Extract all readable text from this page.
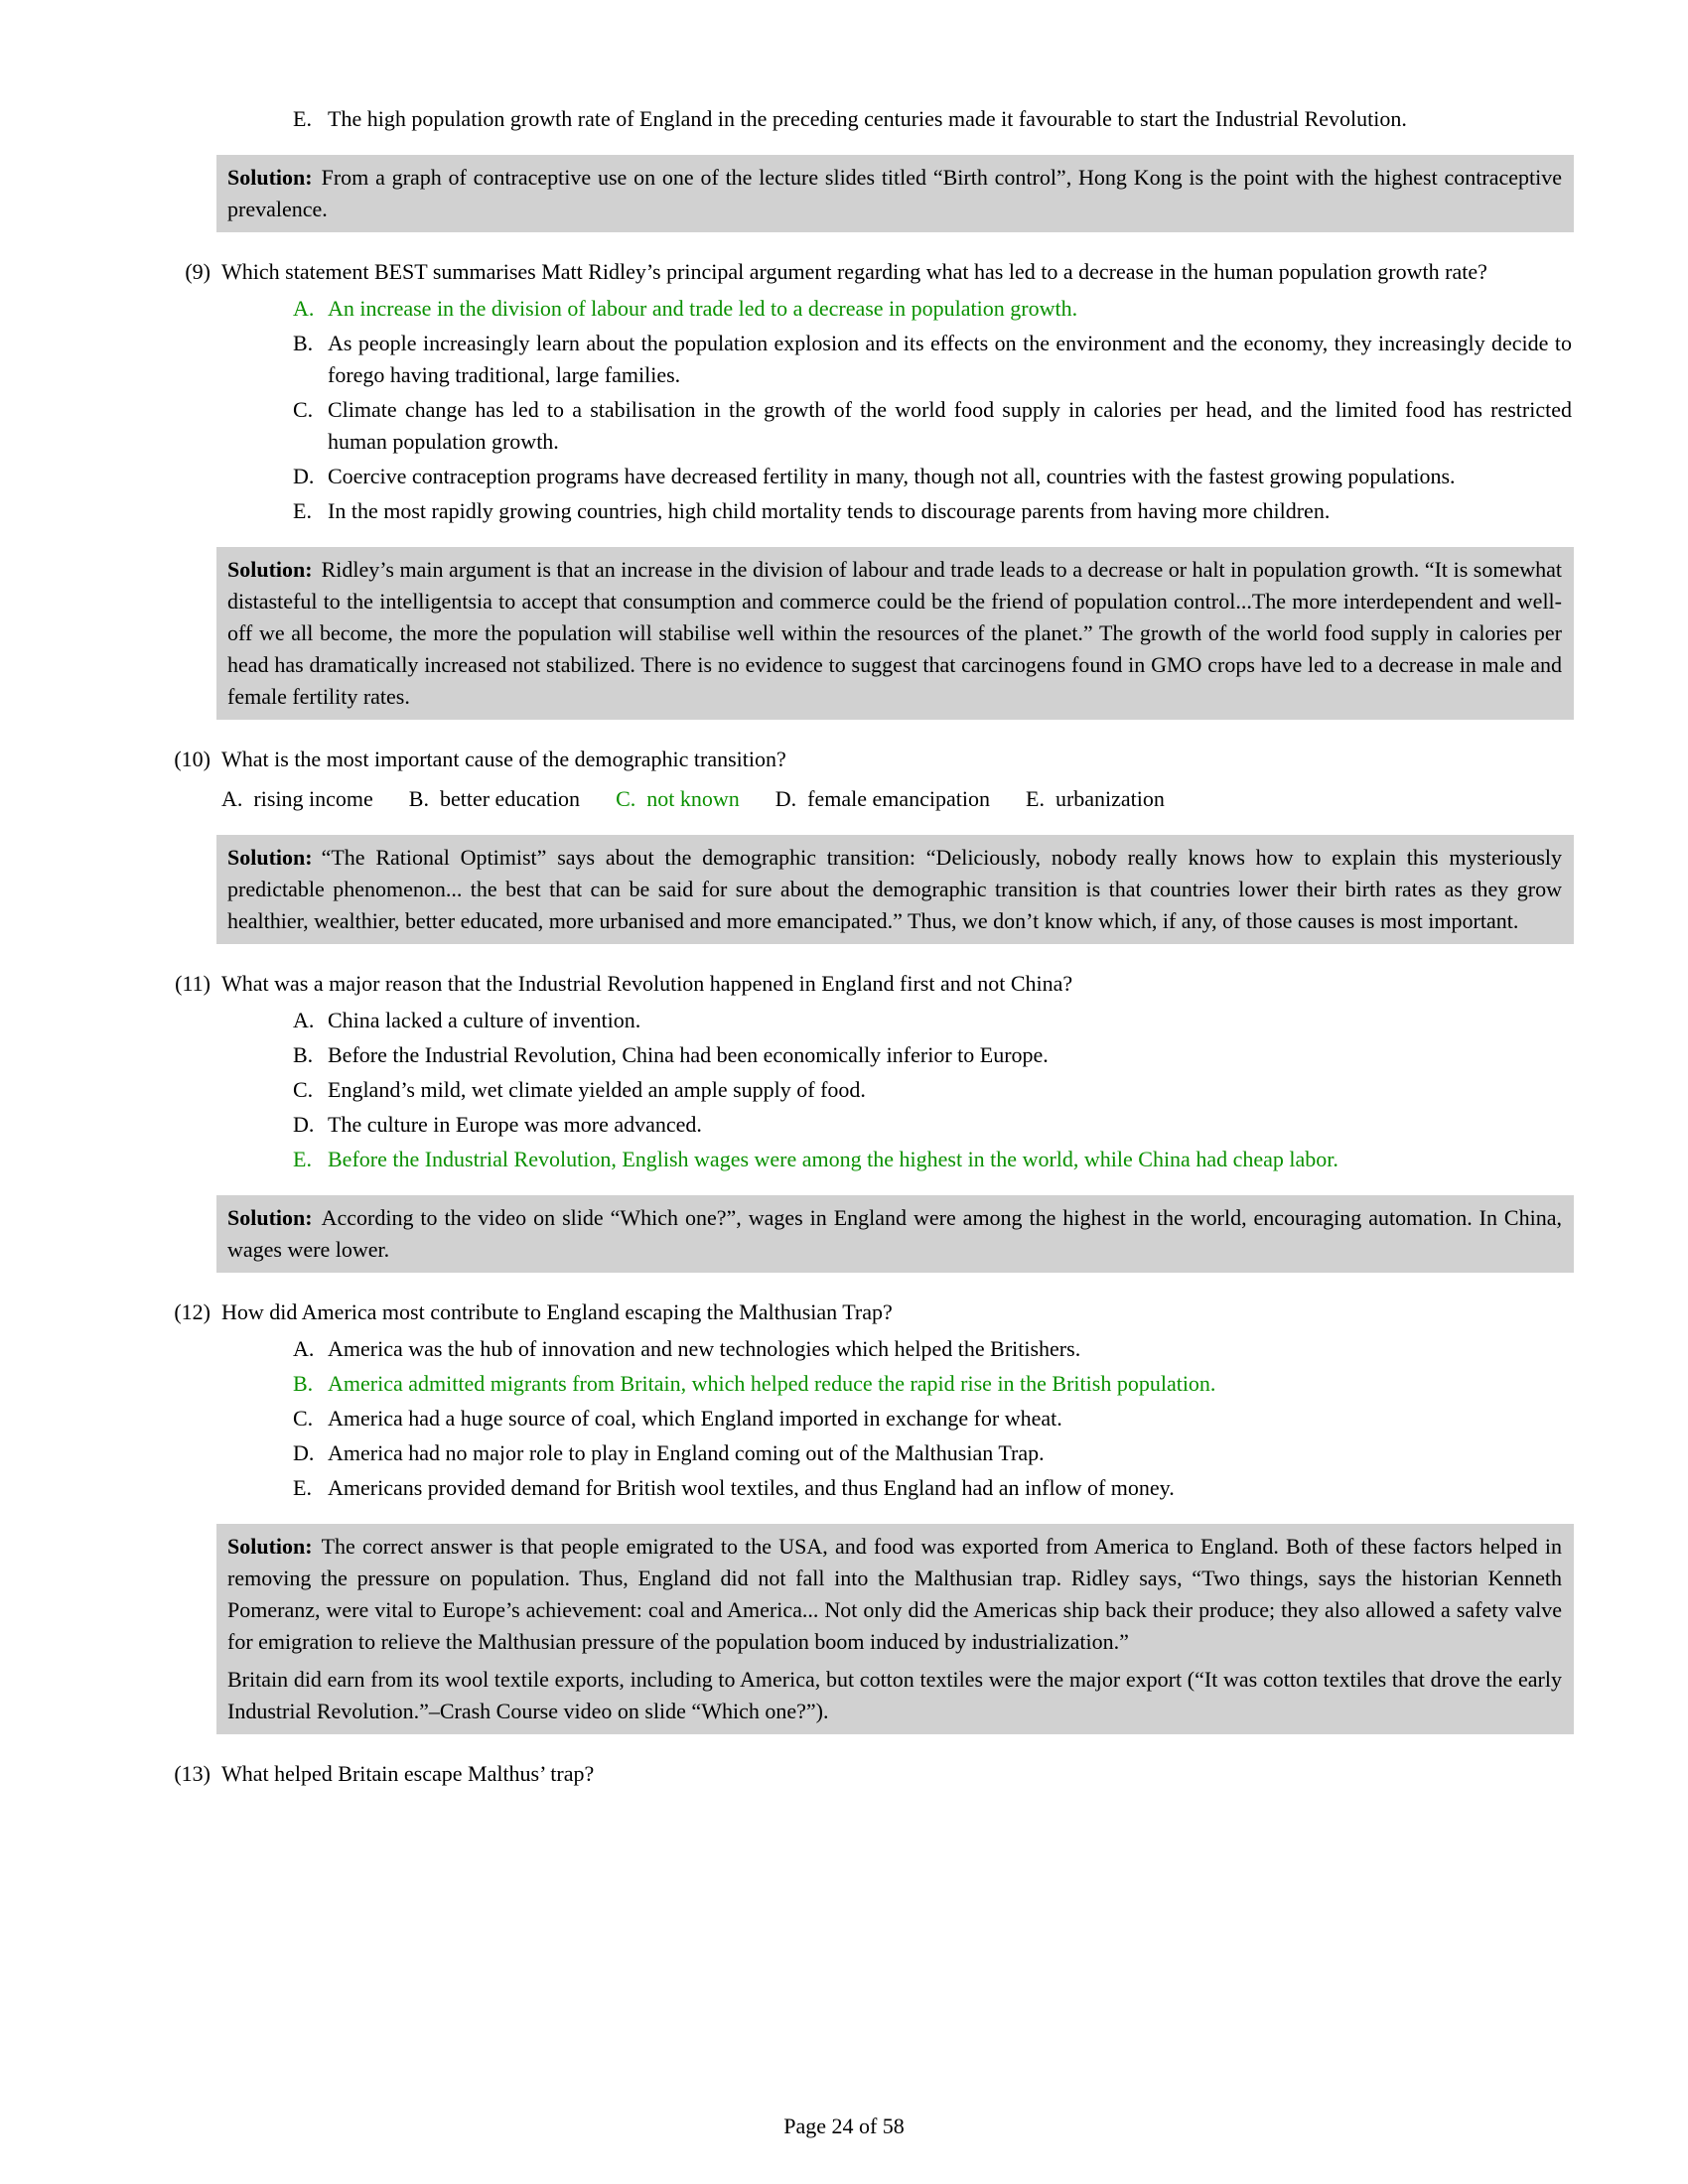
E. The high population growth rate of England in the preceding centuries made it favourable to start the Industrial Revolution.

Solution: From a graph of contraceptive use on one of the lecture slides titled “Birth control”, Hong Kong is the point with the highest contraceptive prevalence.

(9) Which statement BEST summarises Matt Ridley’s principal argument regarding what has led to a decrease in the human population growth rate?
A. An increase in the division of labour and trade led to a decrease in population growth.
B. As people increasingly learn about the population explosion and its effects on the environment and the economy, they increasingly decide to forego having traditional, large families.
C. Climate change has led to a stabilisation in the growth of the world food supply in calories per head, and the limited food has restricted human population growth.
D. Coercive contraception programs have decreased fertility in many, though not all, countries with the fastest growing populations.
E. In the most rapidly growing countries, high child mortality tends to discourage parents from having more children.

Solution: Ridley’s main argument is that an increase in the division of labour and trade leads to a decrease or halt in population growth. “It is somewhat distasteful to the intelligentsia to accept that consumption and commerce could be the friend of population control...The more interdependent and well-off we all become, the more the population will stabilise well within the resources of the planet.” The growth of the world food supply in calories per head has dramatically increased not stabilized. There is no evidence to suggest that carcinogens found in GMO crops have led to a decrease in male and female fertility rates.

(10) What is the most important cause of the demographic transition?
A. rising income B. better education C. not known D. female emancipation E. urbanization

Solution: “The Rational Optimist” says about the demographic transition: “Deliciously, nobody really knows how to explain this mysteriously predictable phenomenon... the best that can be said for sure about the demographic transition is that countries lower their birth rates as they grow healthier, wealthier, better educated, more urbanised and more emancipated.” Thus, we don’t know which, if any, of those causes is most important.

(11) What was a major reason that the Industrial Revolution happened in England first and not China?
A. China lacked a culture of invention.
B. Before the Industrial Revolution, China had been economically inferior to Europe.
C. England’s mild, wet climate yielded an ample supply of food.
D. The culture in Europe was more advanced.
E. Before the Industrial Revolution, English wages were among the highest in the world, while China had cheap labor.

Solution: According to the video on slide “Which one?”, wages in England were among the highest in the world, encouraging automation. In China, wages were lower.

(12) How did America most contribute to England escaping the Malthusian Trap?
A. America was the hub of innovation and new technologies which helped the Britishers.
B. America admitted migrants from Britain, which helped reduce the rapid rise in the British population.
C. America had a huge source of coal, which England imported in exchange for wheat.
D. America had no major role to play in England coming out of the Malthusian Trap.
E. Americans provided demand for British wool textiles, and thus England had an inflow of money.

Solution: The correct answer is that people emigrated to the USA, and food was exported from America to England. Both of these factors helped in removing the pressure on population. Thus, England did not fall into the Malthusian trap. Ridley says, “Two things, says the historian Kenneth Pomeranz, were vital to Europe’s achievement: coal and America... Not only did the Americas ship back their produce; they also allowed a safety valve for emigration to relieve the Malthusian pressure of the population boom induced by industrialization.”

Britain did earn from its wool textile exports, including to America, but cotton textiles were the major export (“It was cotton textiles that drove the early Industrial Revolution.”–Crash Course video on slide “Which one?”).

(13) What helped Britain escape Malthus’ trap?
Page 24 of 58
